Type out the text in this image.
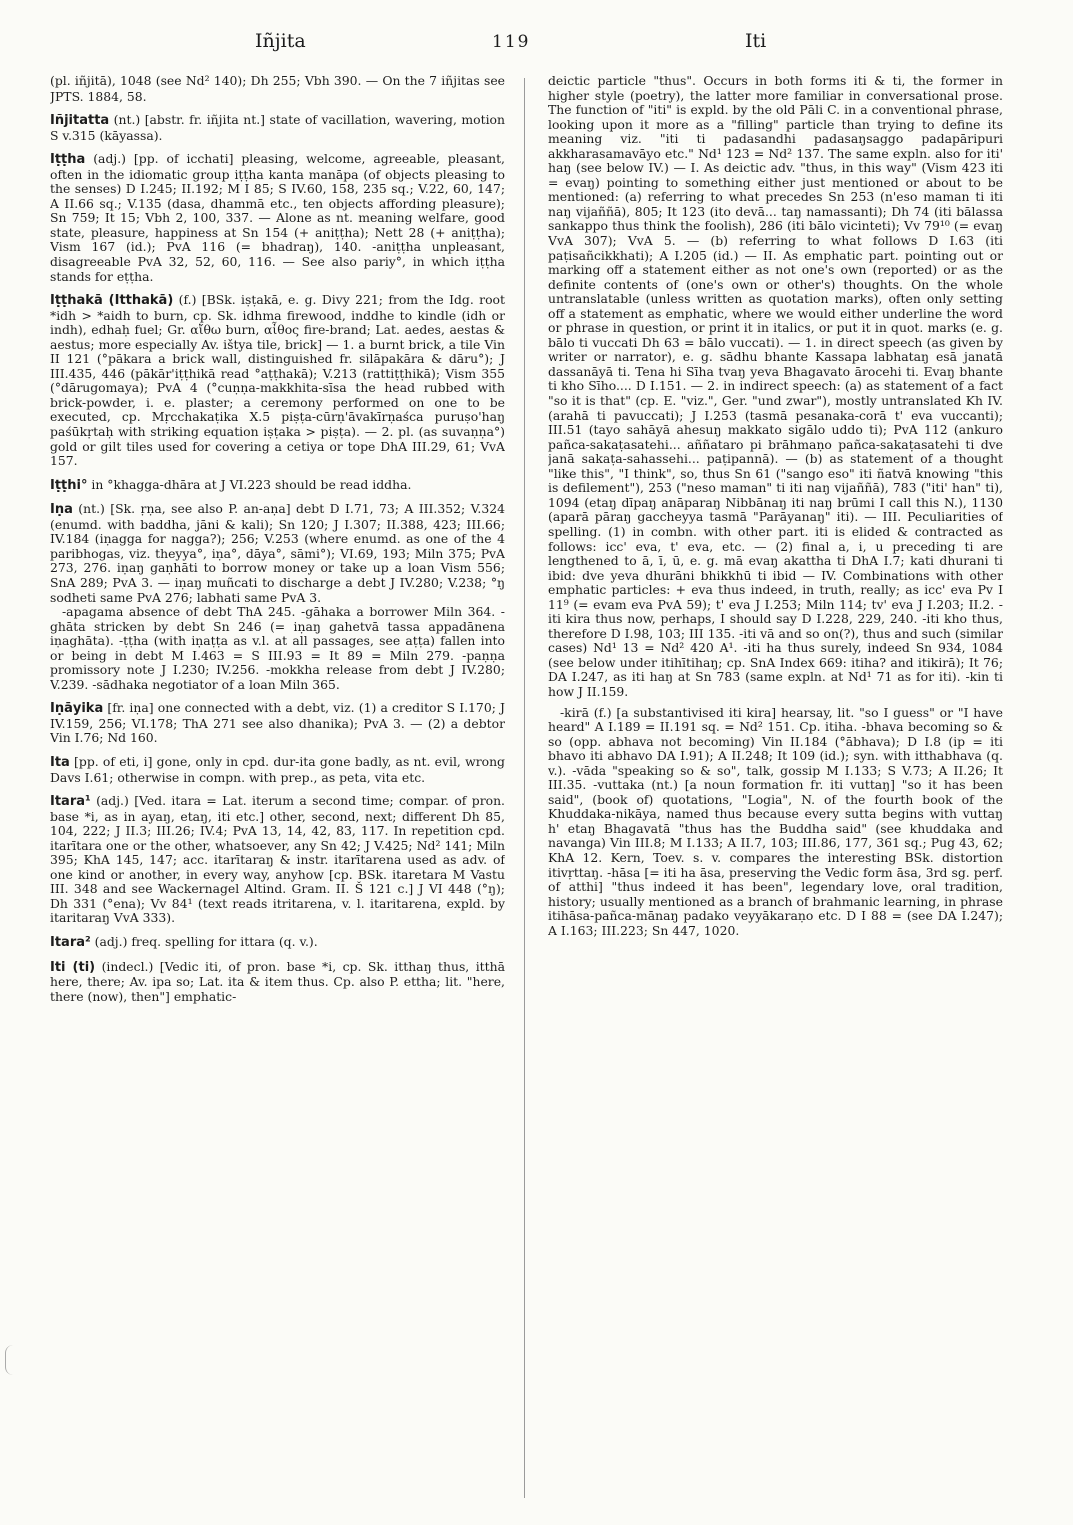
Iñjita	119	Iti
(pl. iñjitā), 1048 (see Nd² 140); Dh 255; Vbh 390. — On the 7 iñjitas see JPTS. 1884, 58.
Iñjitatta (nt.) [abstr. fr. iñjita nt.] state of vacillation, wavering, motion S v.315 (kāyassa).
Iṭṭha (adj.) [pp. of icchati] pleasing, welcome, agreeable, pleasant, often in the idiomatic group iṭṭha kanta manāpa (of objects pleasing to the senses) D I.245; II.192; M I 85; S IV.60, 158, 235 sq.; V.22, 60, 147; A II.66 sq.; V.135 (dasa, dhammā etc., ten objects affording pleasure); Sn 759; It 15; Vbh 2, 100, 337. — Alone as nt. meaning welfare, good state, pleasure, happiness at Sn 154 (+ aniṭṭha); Nett 28 (+ aniṭṭha); Vism 167 (id.); PvA 116 (= bhadraŋ), 140. -aniṭṭha unpleasant, disagreeable PvA 32, 52, 60, 116. — See also pariy°, in which iṭṭha stands for eṭṭha.
Iṭṭhakā (Itthakā) (f.) [BSk. iṣṭakā, e. g. Divy 221; from the Idg. root *idh > *aidh to burn, cp. Sk. idhma firewood, inddhe to kindle (idh or indh), edhaḥ fuel; Gr. αἴθω burn, αἶθος fire-brand; Lat. aedes, aestas & aestus; more especially Av. ištya tile, brick] — 1. a burnt brick, a tile Vin II 121 (°pākara a brick wall, distinguished fr. silāpakāra & dāru°); J III.435, 446 (pākār'iṭṭhikā read °aṭṭhakā); V.213 (rattiṭṭhikā); Vism 355 (°dārugomaya); PvA 4 (°cuṇṇa-makkhita-sīsa the head rubbed with brick-powder, i. e. plaster; a ceremony performed on one to be executed, cp. Mṛcchakaṭika X.5 piṣṭa-cūrṇ'āvakīrṇaśca puruṣo'haŋ paśūkṛtaḥ with striking equation iṣṭaka > piṣṭa). — 2. pl. (as suvaṇṇa°) gold or gilt tiles used for covering a cetiya or tope DhA III.29, 61; VvA 157.
Iṭṭhi° in °khagga-dhāra at J VI.223 should be read iddha.
Iṇa (nt.) [Sk. ṛṇa, see also P. an-aṇa] debt D I.71, 73; A III.352; V.324 (enumd. with baddha, jāni & kali); Sn 120; J I.307; II.388, 423; III.66; IV.184 (iṇagga for nagga?); 256; V.253 (where enumd. as one of the 4 paribhogas, viz. theyya°, iṇa°, dāya°, sāmi°); VI.69, 193; Miln 375; PvA 273, 276. iṇaŋ gaṇhāti to borrow money or take up a loan Vism 556; SnA 289; PvA 3. — iṇaŋ muñcati to discharge a debt J IV.280; V.238; °ŋ sodheti same PvA 276; labhati same PvA 3.
-apagama absence of debt ThA 245. -gāhaka a borrower Miln 364. -ghāta stricken by debt Sn 246 (= iṇaŋ gahetvā tassa appadānena iṇaghāta). -ṭṭha (with iṇaṭṭa as v.l. at all passages, see aṭṭa) fallen into or being in debt M I.463 = S III.93 = It 89 = Miln 279. -paṇṇa promissory note J I.230; IV.256. -mokkha release from debt J IV.280; V.239. -sādhaka negotiator of a loan Miln 365.
Iṇāyika [fr. iṇa] one connected with a debt, viz. (1) a creditor S I.170; J IV.159, 256; VI.178; ThA 271 see also dhanika); PvA 3. — (2) a debtor Vin I.76; Nd 160.
Ita [pp. of eti, i] gone, only in cpd. dur-ita gone badly, as nt. evil, wrong Davs I.61; otherwise in compn. with prep., as peta, vita etc.
Itara¹ (adj.) [Ved. itara = Lat. iterum a second time; compar. of pron. base *i, as in ayaŋ, etaŋ, iti etc.] other, second, next; different Dh 85, 104, 222; J II.3; III.26; IV.4; PvA 13, 14, 42, 83, 117. In repetition cpd. itarītara one or the other, whatsoever, any Sn 42; J V.425; Nd² 141; Miln 395; KhA 145, 147; acc. itarītaraŋ & instr. itarītarena used as adv. of one kind or another, in every way, anyhow [cp. BSk. itaretara M Vastu III. 348 and see Wackernagel Altind. Gram. II. Š 121 c.] J VI 448 (°ŋ); Dh 331 (°ena); Vv 84¹ (text reads itritarena, v. l. itaritarena, expld. by itaritaraŋ VvA 333).
Itara² (adj.) freq. spelling for ittara (q. v.).
Iti (ti) (indecl.) [Vedic iti, of pron. base *i, cp. Sk. itthaŋ thus, itthā here, there; Av. ipa so; Lat. ita & item thus. Cp. also P. ettha; lit. "here, there (now), then"] emphatic-
deictic particle "thus". Occurs in both forms iti & ti, the former in higher style (poetry), the latter more familiar in conversational prose. The function of "iti" is expld. by the old Pāli C. in a conventional phrase, looking upon it more as a "filling" particle than trying to define its meaning viz. "iti ti padasandhi padasaŋsaggo padapāripuri akkharasamavāyo etc." Nd¹ 123 = Nd² 137. The same expln. also for iti' haŋ (see below IV.) — I. As deictic adv. "thus, in this way" (Vism 423 iti = evaŋ) pointing to something either just mentioned or about to be mentioned: (a) referring to what precedes Sn 253 (n'eso maman ti iti naŋ vijaññā), 805; It 123 (ito devā... taŋ namassanti); Dh 74 (iti bālassa sankappo thus think the foolish), 286 (iti bālo vicinteti); Vv 79¹⁰ (= evaŋ VvA 307); VvA 5. — (b) referring to what follows D I.63 (iti paṭisañcikkhati); A I.205 (id.) — II. As emphatic part. pointing out or marking off a statement either as not one's own (reported) or as the definite contents of (one's own or other's) thoughts. On the whole untranslatable (unless written as quotation marks), often only setting off a statement as emphatic, where we would either underline the word or phrase in question, or print it in italics, or put it in quot. marks (e. g. bālo ti vuccati Dh 63 = bālo vuccati). — 1. in direct speech (as given by writer or narrator), e. g. sādhu bhante Kassapa labhataŋ esā janatā dassanāyā ti. Tena hi Sīha tvaŋ yeva Bhagavato ārocehi ti. Evaŋ bhante ti kho Sīho.... D I.151. — 2. in indirect speech: (a) as statement of a fact "so it is that" (cp. E. "viz.", Ger. "und zwar"), mostly untranslated Kh IV. (arahā ti pavuccati); J I.253 (tasmā pesanaka-corā t' eva vuccanti); III.51 (tayo sahāyā ahesuŋ makkato sigālo uddo ti); PvA 112 (ankuro pañca-sakaṭasatehi... aññataro pi brāhmaṇo pañca-sakaṭasatehi ti dve janā sakaṭa-sahassehi... paṭipannā). — (b) as statement of a thought "like this", "I think", so, thus Sn 61 ("sango eso" iti ñatvā knowing "this is defilement"), 253 ("neso maman" ti iti naŋ vijaññā), 783 ("iti' han" ti), 1094 (etaŋ dīpaŋ anāparaŋ Nibbānaŋ iti naŋ brūmi I call this N.), 1130 (aparā pāraŋ gaccheyya tasmā "Parāyanaŋ" iti). — III. Peculiarities of spelling. (1) in combn. with other part. iti is elided & contracted as follows: icc' eva, t' eva, etc. — (2) final a, i, u preceding ti are lengthened to ā, ī, ū, e. g. mā evaŋ akattha ti DhA I.7; kati dhurani ti ibid: dve yeva dhurāni bhikkhū ti ibid — IV. Combinations with other emphatic particles: + eva thus indeed, in truth, really; as icc' eva Pv I 11⁹ (= evam eva PvA 59); t' eva J I.253; Miln 114; tv' eva J I.203; II.2. -iti kira thus now, perhaps, I should say D I.228, 229, 240. -iti kho thus, therefore D I.98, 103; III 135. -iti vā and so on(?), thus and such (similar cases) Nd¹ 13 = Nd² 420 A¹. -iti ha thus surely, indeed Sn 934, 1084 (see below under itihītihaŋ; cp. SnA Index 669: itiha? and itikirā); It 76; DA I.247, as iti haŋ at Sn 783 (same expln. at Nd¹ 71 as for iti). -kin ti how J II.159.
-kirā (f.) [a substantivised iti kira] hearsay, lit. "so I guess" or "I have heard" A I.189 = II.191 sq. = Nd² 151. Cp. itiha. -bhava becoming so & so (opp. abhava not becoming) Vin II.184 (°ābhava); D I.8 (ip = iti bhavo iti abhavo DA I.91); A II.248; It 109 (id.); syn. with itthabhava (q. v.). -vāda "speaking so & so", talk, gossip M I.133; S V.73; A II.26; It III.35. -vuttaka (nt.) [a noun formation fr. iti vuttaŋ] "so it has been said", (book of) quotations, "Logia", N. of the fourth book of the Khuddaka-nikāya, named thus because every sutta begins with vuttaŋ h' etaŋ Bhagavatā "thus has the Buddha said" (see khuddaka and navanga) Vin III.8; M I.133; A II.7, 103; III.86, 177, 361 sq.; Pug 43, 62; KhA 12. Kern, Toev. s. v. compares the interesting BSk. distortion itivṛttaŋ. -hāsa [= iti ha āsa, preserving the Vedic form āsa, 3rd sg. perf. of atthi] "thus indeed it has been", legendary love, oral tradition, history; usually mentioned as a branch of brahmanic learning, in phrase itihāsa-pañca-mānaŋ padako veyyākaraṇo etc. D I 88 = (see DA I.247); A I.163; III.223; Sn 447, 1020.
